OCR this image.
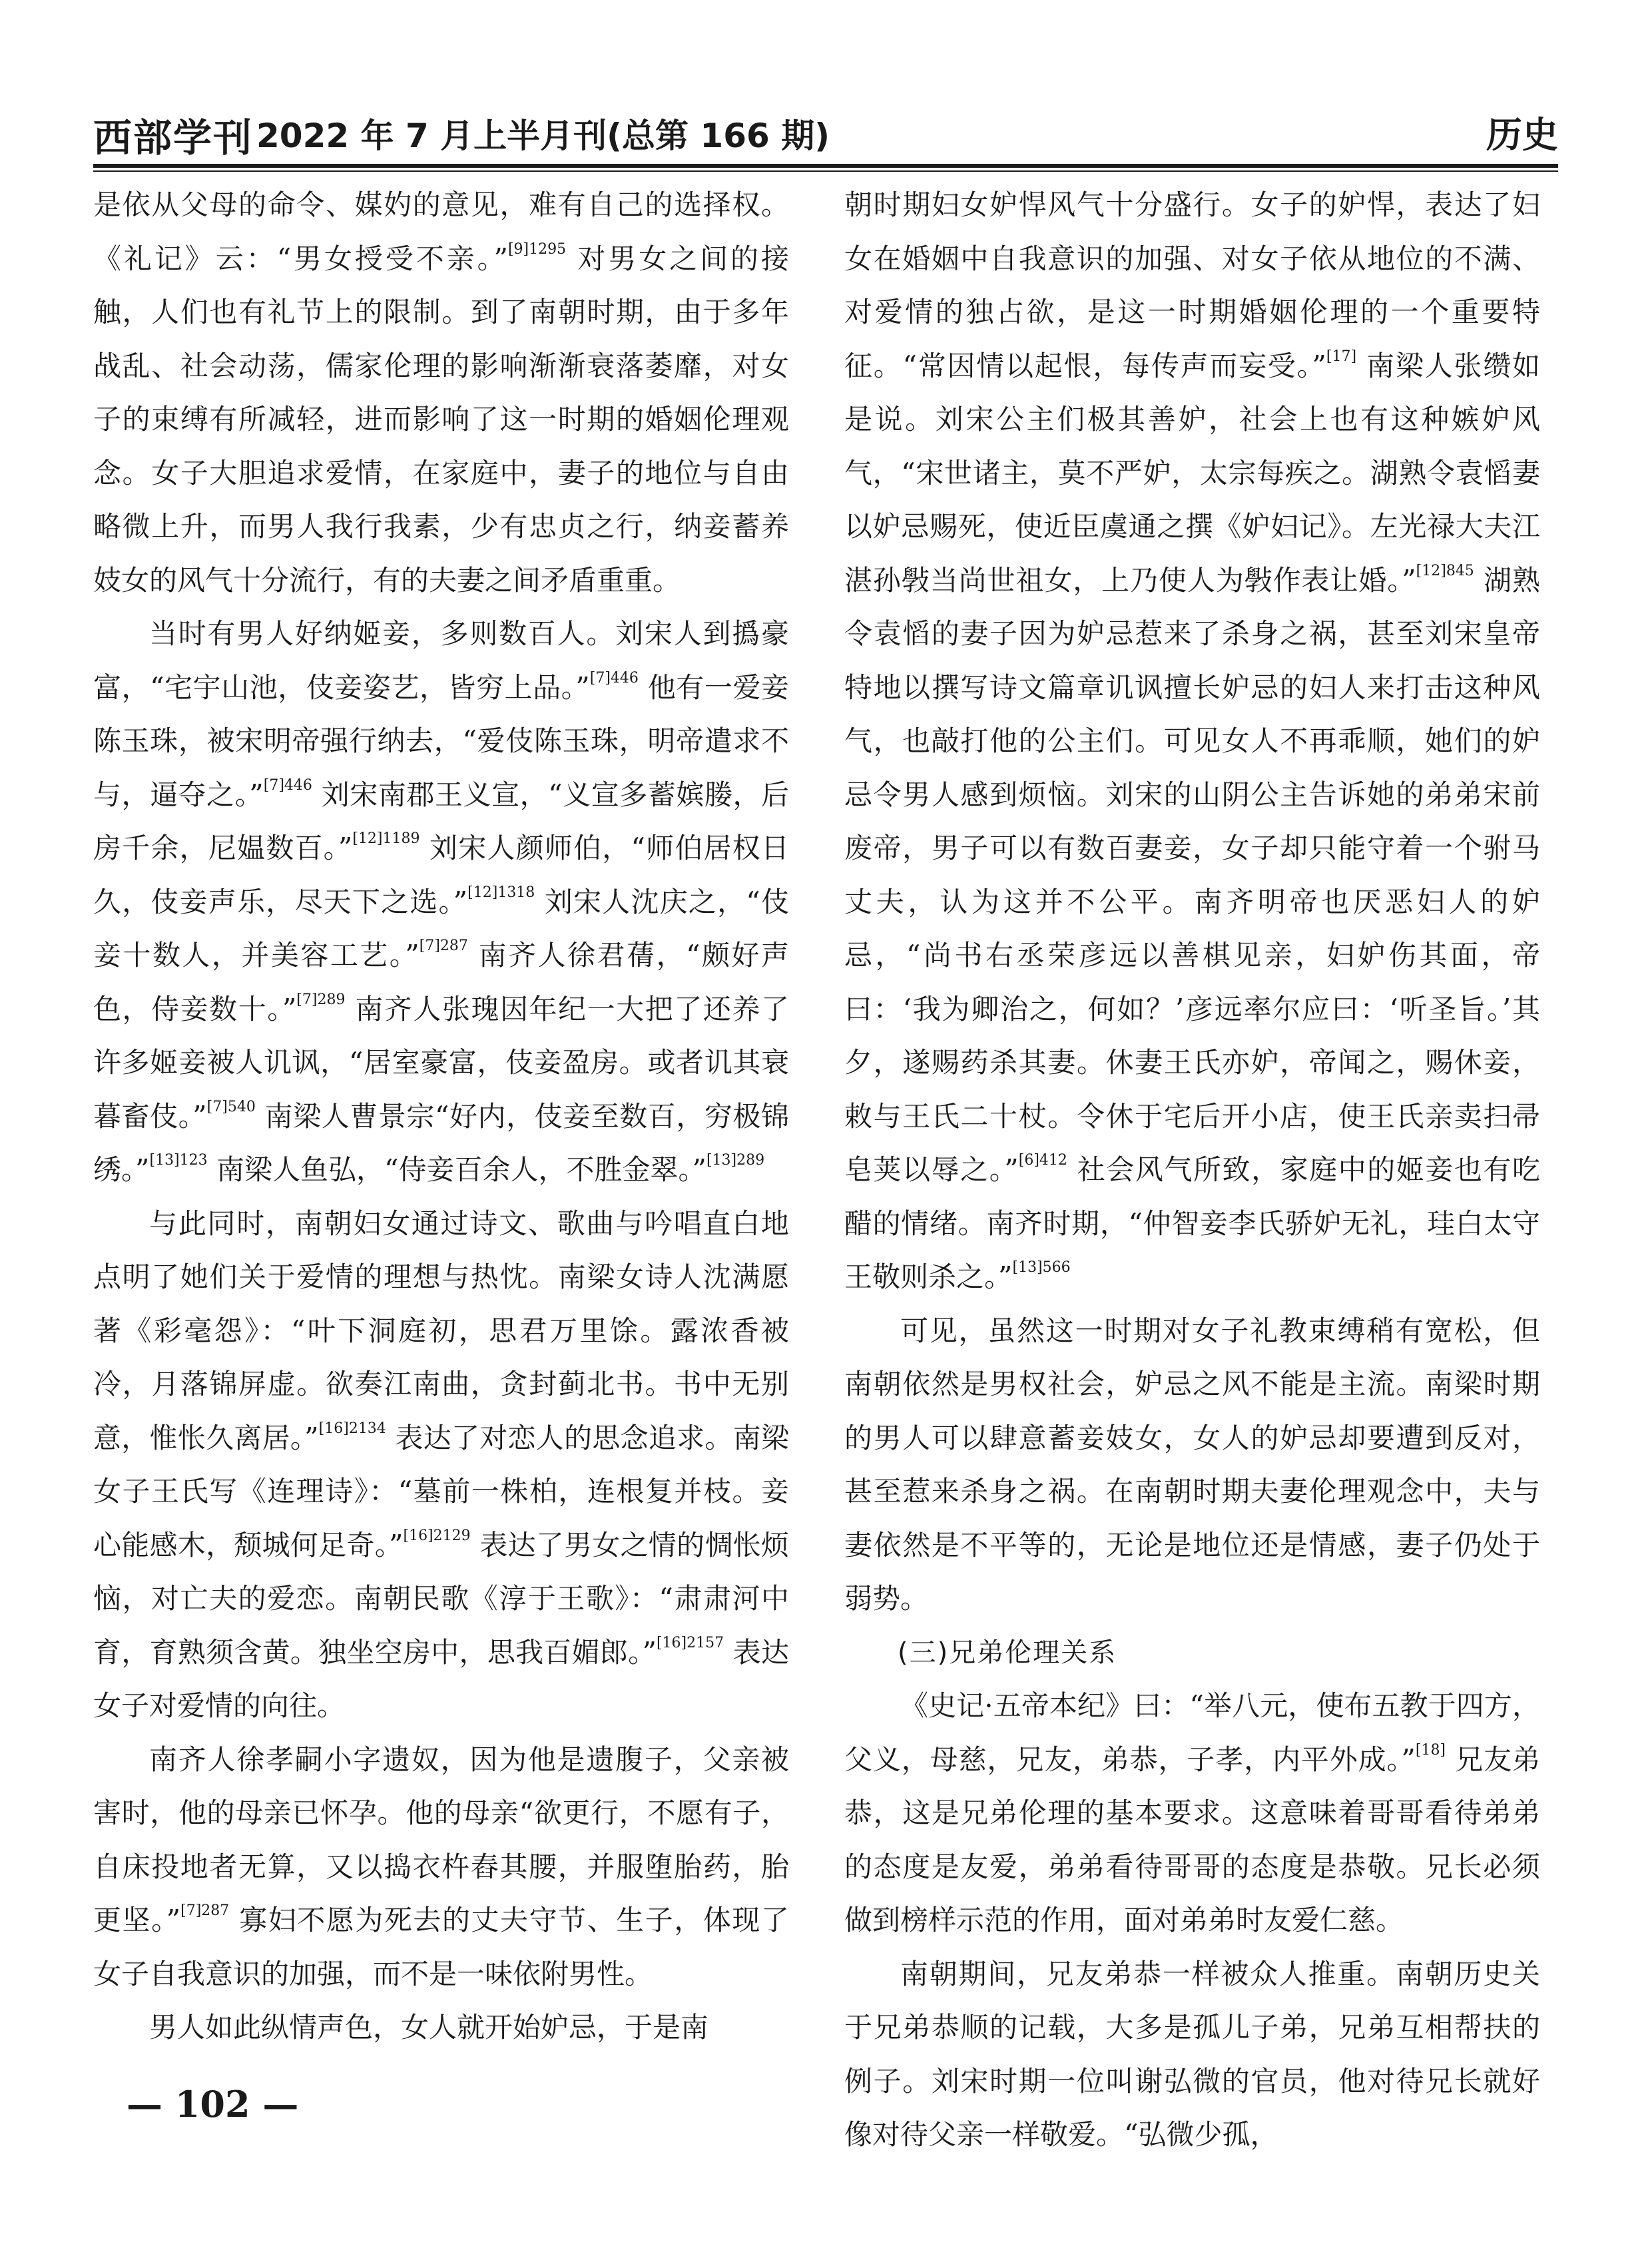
西部学刊 2022 年 7 月上半月刊(总第 166 期)	历史

是依从父母的命令、媒妁的意见，难有自己的选择权。《礼记》云：“男女授受不亲。”$^{[9]1295}$ 对男女之间的接触，人们也有礼节上的限制。到了南朝时期，由于多年战乱、社会动荡，儒家伦理的影响渐渐衰落萎靡，对女子的束缚有所减轻，进而影响了这一时期的婚姻伦理观念。女子大胆追求爱情，在家庭中，妻子的地位与自由略微上升，而男人我行我素，少有忠贞之行，纳妾蓄养妓女的风气十分流行，有的夫妻之间矛盾重重。

当时有男人好纳姬妾，多则数百人。刘宋人到撝豪富，“宅宇山池，伎妾姿艺，皆穷上品。”$^{[7]446}$ 他有一爱妾陈玉珠，被宋明帝强行纳去，“爱伎陈玉珠，明帝遣求不与，逼夺之。”$^{[7]446}$ 刘宋南郡王义宣，“义宣多蓄嫔媵，后房千余，尼媪数百。”$^{[12]1189}$ 刘宋人颜师伯，“师伯居权日久，伎妾声乐，尽天下之选。”$^{[12]1318}$ 刘宋人沈庆之，“伎妾十数人，并美容工艺。”$^{[7]287}$ 南齐人徐君蒨，“颇好声色，侍妾数十。”$^{[7]289}$ 南齐人张瑰因年纪一大把了还养了许多姬妾被人讥讽，“居室豪富，伎妾盈房。或者讥其衰暮畜伎。”$^{[7]540}$ 南梁人曹景宗“好内，伎妾至数百，穷极锦绣。”$^{[13]123}$ 南梁人鱼弘，“侍妾百余人，不胜金翠。”$^{[13]289}$

与此同时，南朝妇女通过诗文、歌曲与吟唱直白地点明了她们关于爱情的理想与热忱。南梁女诗人沈满愿著《彩毫怨》：“叶下洞庭初，思君万里馀。露浓香被冷，月落锦屏虚。欲奏江南曲，贪封蓟北书。书中无别意，惟怅久离居。”$^{[16]2134}$ 表达了对恋人的思念追求。南梁女子王氏写《连理诗》：“墓前一株柏，连根复并枝。妾心能感木，颓城何足奇。”$^{[16]2129}$ 表达了男女之情的惆怅烦恼，对亡夫的爱恋。南朝民歌《淳于王歌》：“肃肃河中育，育熟须含黄。独坐空房中，思我百媚郎。”$^{[16]2157}$ 表达女子对爱情的向往。

南齐人徐孝嗣小字遗奴，因为他是遗腹子，父亲被害时，他的母亲已怀孕。他的母亲“欲更行，不愿有子，自床投地者无算，又以捣衣杵舂其腰，并服堕胎药，胎更坚。”$^{[7]287}$ 寡妇不愿为死去的丈夫守节、生子，体现了女子自我意识的加强，而不是一味依附男性。

男人如此纵情声色，女人就开始妒忌，于是南

朝时期妇女妒悍风气十分盛行。女子的妒悍，表达了妇女在婚姻中自我意识的加强、对女子依从地位的不满、对爱情的独占欲，是这一时期婚姻伦理的一个重要特征。“常因情以起恨，每传声而妄受。”[17] 南梁人张缵如是说。刘宋公主们极其善妒，社会上也有这种嫉妒风气，“宋世诸主，莫不严妒，太宗每疾之。湖熟令袁慆妻以妒忌赐死，使近臣虞通之撰《妒妇记》。左光禄大夫江湛孙斅当尚世祖女，上乃使人为斅作表让婚。”$^{[12]845}$ 湖熟令袁慆的妻子因为妒忌惹来了杀身之祸，甚至刘宋皇帝特地以撰写诗文篇章讥讽擅长妒忌的妇人来打击这种风气，也敲打他的公主们。可见女人不再乖顺，她们的妒忌令男人感到烦恼。刘宋的山阴公主告诉她的弟弟宋前废帝，男子可以有数百妻妾，女子却只能守着一个驸马丈夫，认为这并不公平。南齐明帝也厌恶妇人的妒忌，“尚书右丞荣彦远以善棋见亲，妇妒伤其面，帝曰：‘我为卿治之，何如？’彦远率尔应曰：‘听圣旨。’其夕，遂赐药杀其妻。休妻王氏亦妒，帝闻之，赐休妾，敕与王氏二十杖。令休于宅后开小店，使王氏亲卖扫帚皂荚以辱之。”$^{[6]412}$ 社会风气所致，家庭中的姬妾也有吃醋的情绪。南齐时期，“仲智妾李氏骄妒无礼，珪白太守王敬则杀之。”$^{[13]566}$

可见，虽然这一时期对女子礼教束缚稍有宽松，但南朝依然是男权社会，妒忌之风不能是主流。南梁时期的男人可以肆意蓄妾妓女，女人的妒忌却要遭到反对，甚至惹来杀身之祸。在南朝时期夫妻伦理观念中，夫与妻依然是不平等的，无论是地位还是情感，妻子仍处于弱势。

(三)兄弟伦理关系

《史记·五帝本纪》曰：“举八元，使布五教于四方，父义，母慈，兄友，弟恭，子孝，内平外成。”[18] 兄友弟恭，这是兄弟伦理的基本要求。这意味着哥哥看待弟弟的态度是友爱，弟弟看待哥哥的态度是恭敬。兄长必须做到榜样示范的作用，面对弟弟时友爱仁慈。

南朝期间，兄友弟恭一样被众人推重。南朝历史关于兄弟恭顺的记载，大多是孤儿子弟，兄弟互相帮扶的例子。刘宋时期一位叫谢弘微的官员，他对待兄长就好像对待父亲一样敬爱。“弘微少孤，

— 102 —
